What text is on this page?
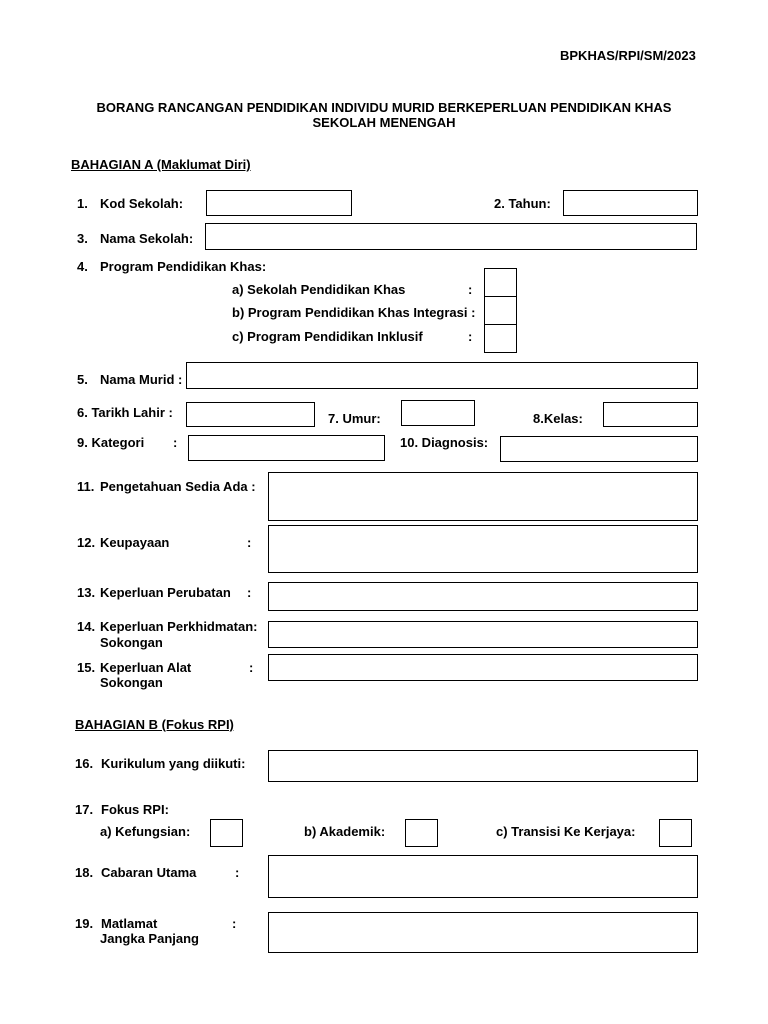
BPKHAS/RPI/SM/2023
BORANG RANCANGAN PENDIDIKAN INDIVIDU MURID BERKEPERLUAN PENDIDIKAN KHAS
SEKOLAH MENENGAH
BAHAGIAN A (Maklumat Diri)
1. Kod Sekolah:	2. Tahun:
3. Nama Sekolah:
4. Program Pendidikan Khas:
a) Sekolah Pendidikan Khas	:
b) Program Pendidikan Khas Integrasi :
c) Program Pendidikan Inklusif	:
5. Nama Murid :
6. Tarikh Lahir :	7. Umur:	8.Kelas:
9. Kategori :	10. Diagnosis:
11. Pengetahuan Sedia Ada :
12. Keupayaan	:
13. Keperluan Perubatan :
14. Keperluan Perkhidmatan:
Sokongan
15. Keperluan Alat	:
Sokongan
BAHAGIAN B (Fokus RPI)
16. Kurikulum yang diikuti:
17. Fokus RPI:
a) Kefungsian:	b) Akademik:	c) Transisi Ke Kerjaya:
18. Cabaran Utama	:
19. Matlamat	:
Jangka Panjang
